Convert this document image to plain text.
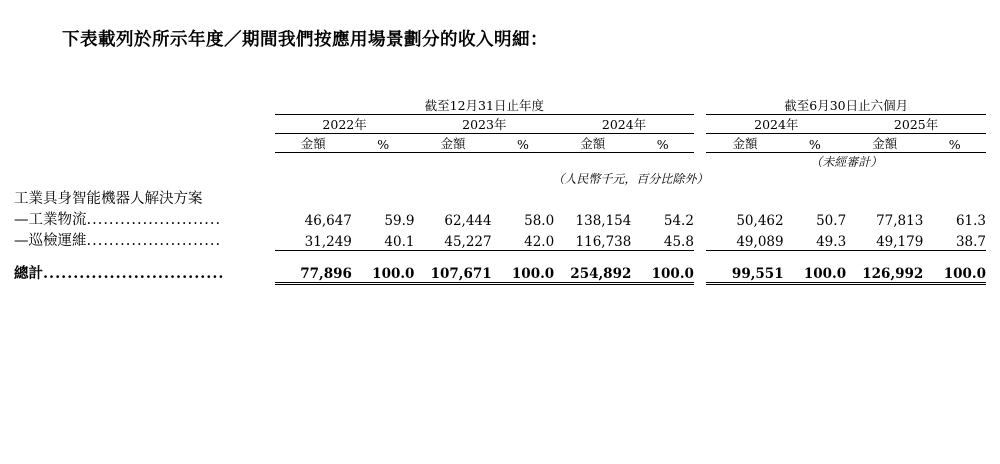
下表載列於所示年度／期間我們按應用場景劃分的收入明細：
	截至12月31日止年度							截至6月30日止六個月			
	2022年		2023年		2024年			2024年		2025年	
	金額	%	金額	%	金額	%		金額	%	金額	%
								（未經審計）			
	（人民幣千元，百分比除外）										
工業具身智能機器人解決方案											
—工業物流........................	46,647	59.9	62,444	58.0	138,154	54.2		50,462	50.7	77,813	61.3
—巡檢運維........................	31,249	40.1	45,227	42.0	116,738	45.8		49,089	49.3	49,179	38.7
總計..............................	77,896	100.0	107,671	100.0	254,892	100.0		99,551	100.0	126,992	100.0
